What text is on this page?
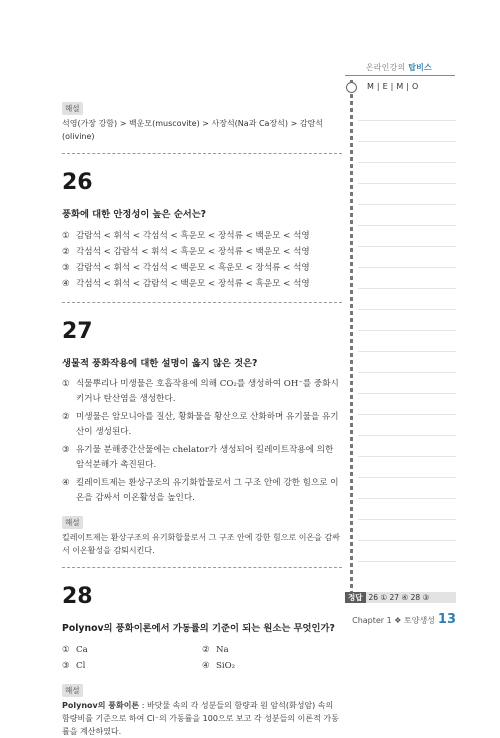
온라인강의 탑비스
M|E|M|O
해설
석영(가장 강함) > 백운모(muscovite) > 사장석(Na과 Ca장석) > 감람석(olivine)
26
풍화에 대한 안정성이 높은 순서는?
① 감람석 < 휘석 < 각섬석 < 흑운모 < 장석류 < 백운모 < 석영
② 각섬석 < 감람석 < 휘석 < 흑운모 < 장석류 < 백운모 < 석영
③ 감람석 < 휘석 < 각섬석 < 백운모 < 흑운모 < 장석류 < 석영
④ 각섬석 < 휘석 < 감람석 < 백운모 < 장석류 < 흑운모 < 석영
27
생물적 풍화작용에 대한 설명이 옳지 않은 것은?
① 식물뿌리나 미생물은 호흡작용에 의해 CO₂를 생성하여 OH⁻를 중화시키거나 탄산염을 생성한다.
② 미생물은 암모니아를 질산, 황화물을 황산으로 산화하며 유기물을 유기산이 생성된다.
③ 유기물 분해중간산물에는 chelator가 생성되어 킬레이트작용에 의한 암석분해가 촉진된다.
④ 킬레이트제는 환상구조의 유기화합물로서 그 구조 안에 강한 힘으로 이온을 감싸서 이온활성을 높인다.
해설
킬레이트제는 환상구조의 유기화합물로서 그 구조 안에 강한 힘으로 이온을 감싸서 이온활성을 감퇴시킨다.
28
Polynov의 풍화이론에서 가동률의 기준이 되는 원소는 무엇인가?
① Ca	② Na
③ Cl	④ SiO₂
해설
Polynov의 풍화이론 : 바닷물 속의 각 성분들의 함량과 원 암석(화성암) 속의 함량비를 기준으로 하여 Cl⁻의 가동률을 100으로 보고 각 성분들의 이론적 가동률을 계산하였다.
정답 26 ① 27 ④ 28 ③
Chapter 1 ❖ 토양생성 13
